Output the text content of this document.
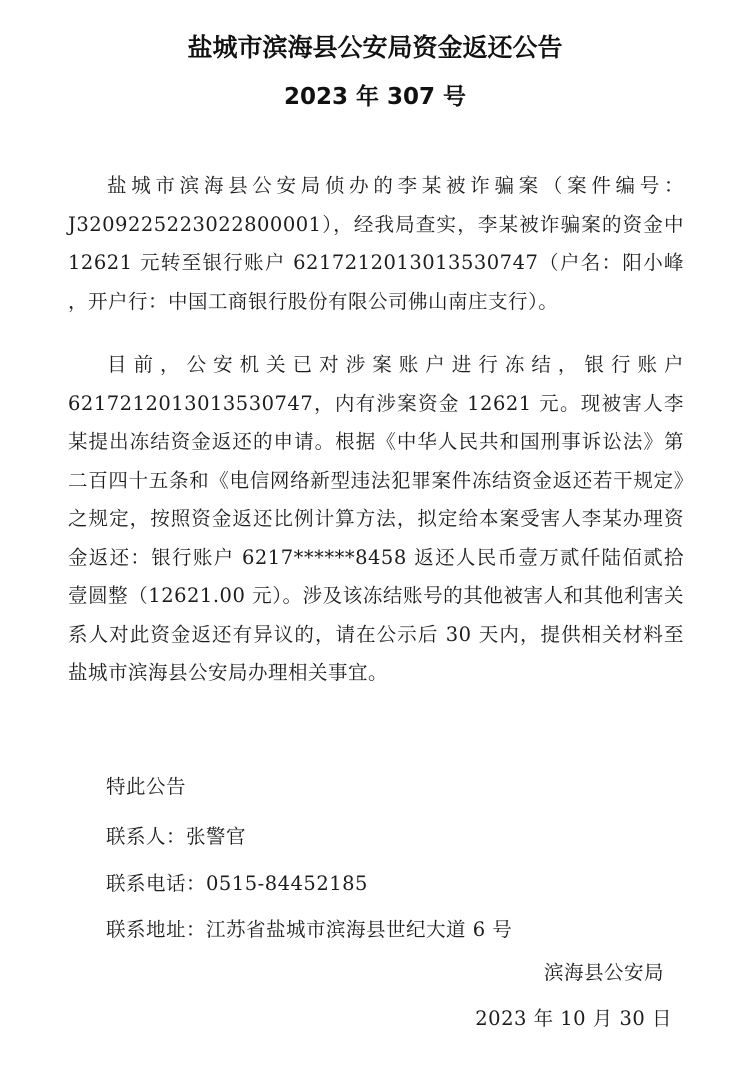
盐城市滨海县公安局资金返还公告
2023 年 307 号

盐城市滨海县公安局侦办的李某被诈骗案（案件编号：J3209225223022800001），经我局查实，李某被诈骗案的资金中 12621 元转至银行账户 6217212013013530747（户名：阳小峰 ，开户行：中国工商银行股份有限公司佛山南庄支行）。

目前，公安机关已对涉案账户进行冻结，银行账户 6217212013013530747，内有涉案资金 12621 元。现被害人李某提出冻结资金返还的申请。根据《中华人民共和国刑事诉讼法》第二百四十五条和《电信网络新型违法犯罪案件冻结资金返还若干规定》之规定，按照资金返还比例计算方法，拟定给本案受害人李某办理资金返还：银行账户 6217******8458 返还人民币壹万贰仟陆佰贰拾壹圆整（12621.00 元）。涉及该冻结账号的其他被害人和其他利害关系人对此资金返还有异议的，请在公示后 30 天内，提供相关材料至盐城市滨海县公安局办理相关事宜。

特此公告
联系人：张警官
联系电话：0515-84452185
联系地址：江苏省盐城市滨海县世纪大道 6 号
滨海县公安局
2023 年 10 月 30 日
